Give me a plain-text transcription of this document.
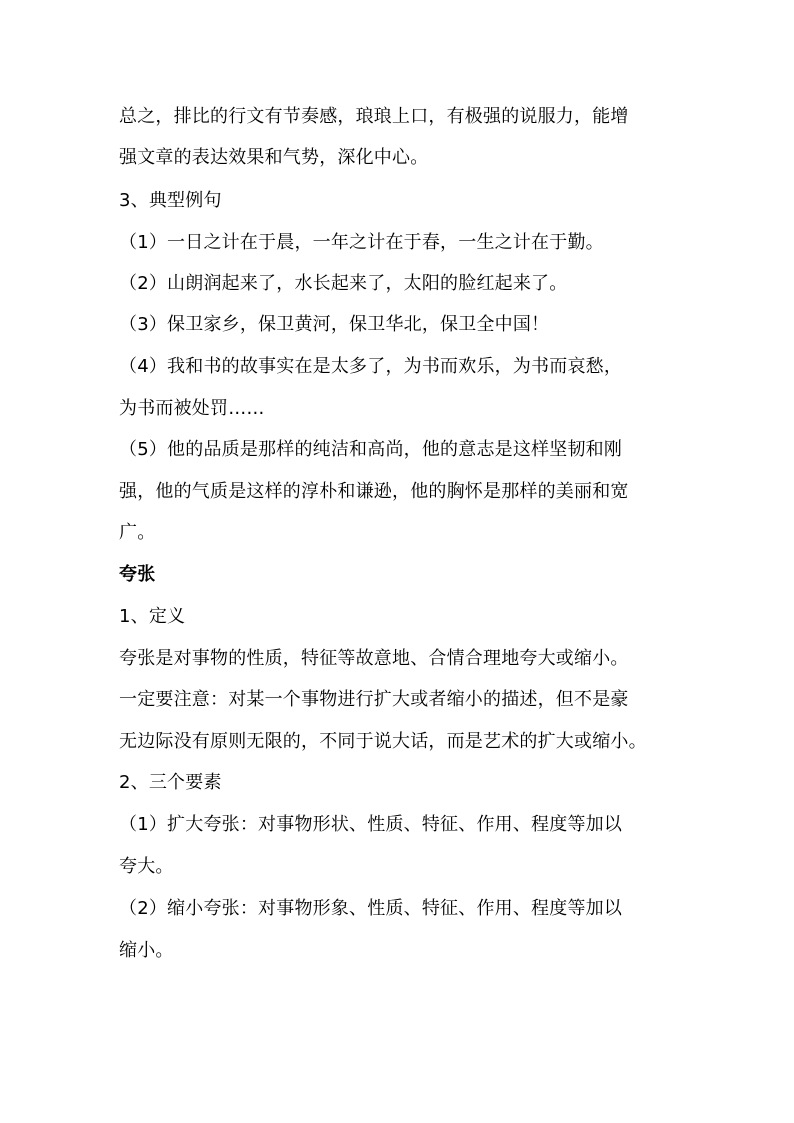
总之，排比的行文有节奏感，琅琅上口，有极强的说服力，能增
强文章的表达效果和气势，深化中心。
3、典型例句
（1）一日之计在于晨，一年之计在于春，一生之计在于勤。
（2）山朗润起来了，水长起来了，太阳的脸红起来了。
（3）保卫家乡，保卫黄河，保卫华北，保卫全中国！
（4）我和书的故事实在是太多了，为书而欢乐，为书而哀愁，
为书而被处罚……
（5）他的品质是那样的纯洁和高尚，他的意志是这样坚韧和刚
强，他的气质是这样的淳朴和谦逊，他的胸怀是那样的美丽和宽
广。
夸张
1、定义
夸张是对事物的性质，特征等故意地、合情合理地夸大或缩小。
一定要注意：对某一个事物进行扩大或者缩小的描述，但不是豪
无边际没有原则无限的，不同于说大话，而是艺术的扩大或缩小。
2、三个要素
（1）扩大夸张：对事物形状、性质、特征、作用、程度等加以
夸大。
（2）缩小夸张：对事物形象、性质、特征、作用、程度等加以
缩小。
